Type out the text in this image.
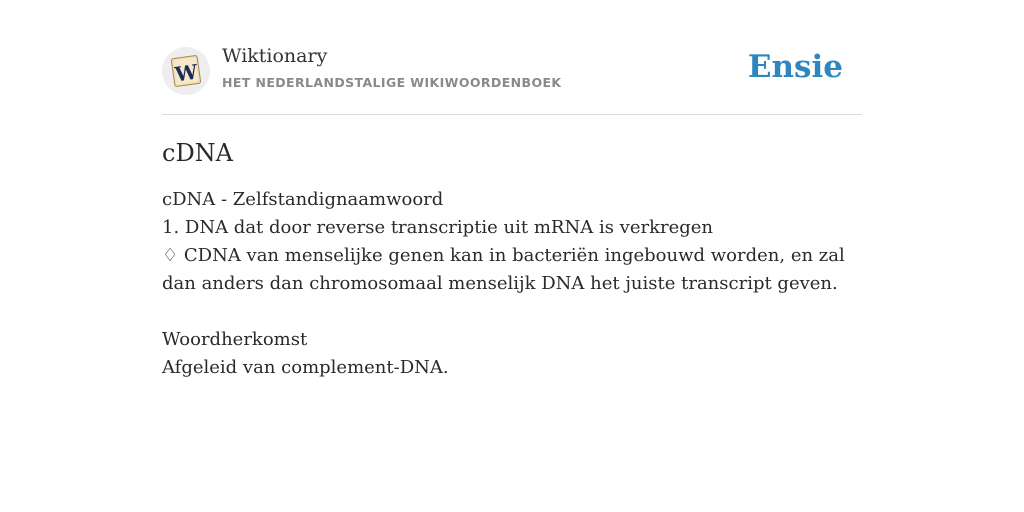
W
Wiktionary
HET NEDERLANDSTALIGE WIKIWOORDENBOEK	Ensie
cDNA

cDNA - Zelfstandignaamwoord

1. DNA dat door reverse transcriptie uit mRNA is verkregen

♢ CDNA van menselijke genen kan in bacteriën ingebouwd worden, en zal dan anders dan chromosomaal menselijk DNA het juiste transcript geven.

Woordherkomst

Afgeleid van complement-DNA.
